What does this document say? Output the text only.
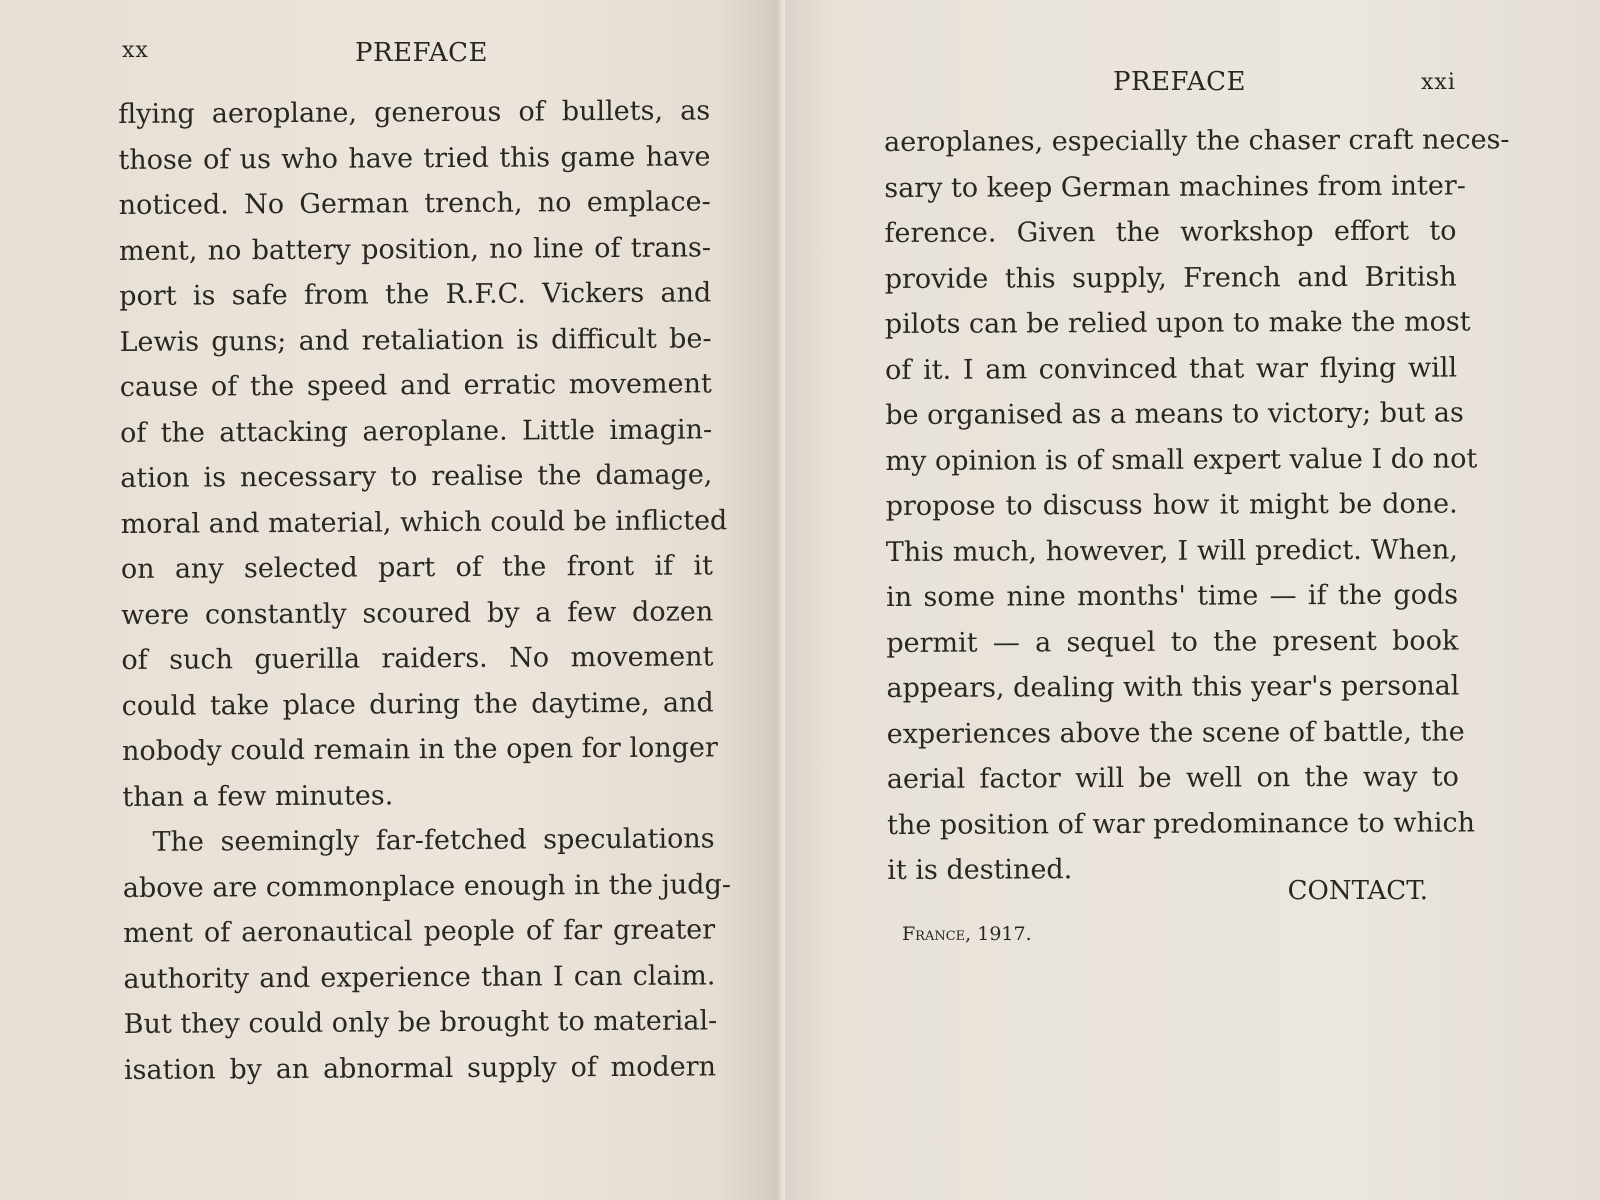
xx	PREFACE
flying aeroplane, generous of bullets, as
those of us who have tried this game have
noticed. No German trench, no emplace-
ment, no battery position, no line of trans-
port is safe from the R.F.C. Vickers and
Lewis guns; and retaliation is difficult be-
cause of the speed and erratic movement
of the attacking aeroplane. Little imagin-
ation is necessary to realise the damage,
moral and material, which could be inflicted
on any selected part of the front if it
were constantly scoured by a few dozen
of such guerilla raiders. No movement
could take place during the daytime, and
nobody could remain in the open for longer
than a few minutes.
The seemingly far-fetched speculations
above are commonplace enough in the judg-
ment of aeronautical people of far greater
authority and experience than I can claim.
But they could only be brought to material-
isation by an abnormal supply of modern
PREFACE	xxi
aeroplanes, especially the chaser craft neces-
sary to keep German machines from inter-
ference. Given the workshop effort to
provide this supply, French and British
pilots can be relied upon to make the most
of it. I am convinced that war flying will
be organised as a means to victory; but as
my opinion is of small expert value I do not
propose to discuss how it might be done.
This much, however, I will predict. When,
in some nine months' time — if the gods
permit — a sequel to the present book
appears, dealing with this year's personal
experiences above the scene of battle, the
aerial factor will be well on the way to
the position of war predominance to which
it is destined.
CONTACT.
France, 1917.
